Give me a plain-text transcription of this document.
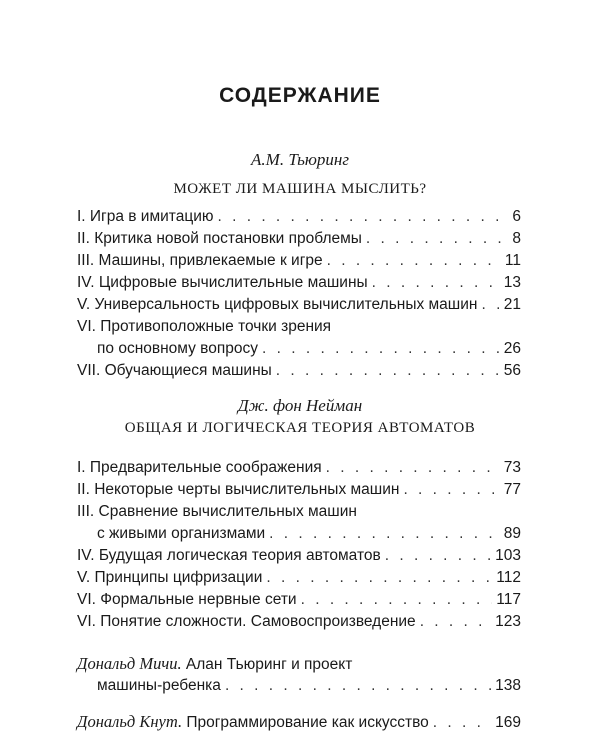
СОДЕРЖАНИЕ
А.М. Тьюринг
МОЖЕТ ЛИ МАШИНА МЫСЛИТЬ?
I. Игра в имитацию . . .	6
II. Критика новой постановки проблемы . . .	8
III. Машины, привлекаемые к игре . . .	11
IV. Цифровые вычислительные машины . . .	13
V. Универсальность цифровых вычислительных машин . . . 21
VI. Противоположные точки зрения
по основному вопросу . . .	26
VII. Обучающиеся машины . . .	56
Дж. фон Нейман
ОБЩАЯ И ЛОГИЧЕСКАЯ ТЕОРИЯ АВТОМАТОВ
I. Предварительные соображения . . .	73
II. Некоторые черты вычислительных машин . . .	77
III. Сравнение вычислительных машин
с живыми организмами . . .	89
IV. Будущая логическая теория автоматов . . .	103
V. Принципы цифризации . . .	112
VI. Формальные нервные сети . . .	117
VI. Понятие сложности. Самовоспроизведение . . .	123
Дональд Мичи. Алан Тьюринг и проект
машины-ребенка . . .	138
Дональд Кнут. Программирование как искусство . . .	169
